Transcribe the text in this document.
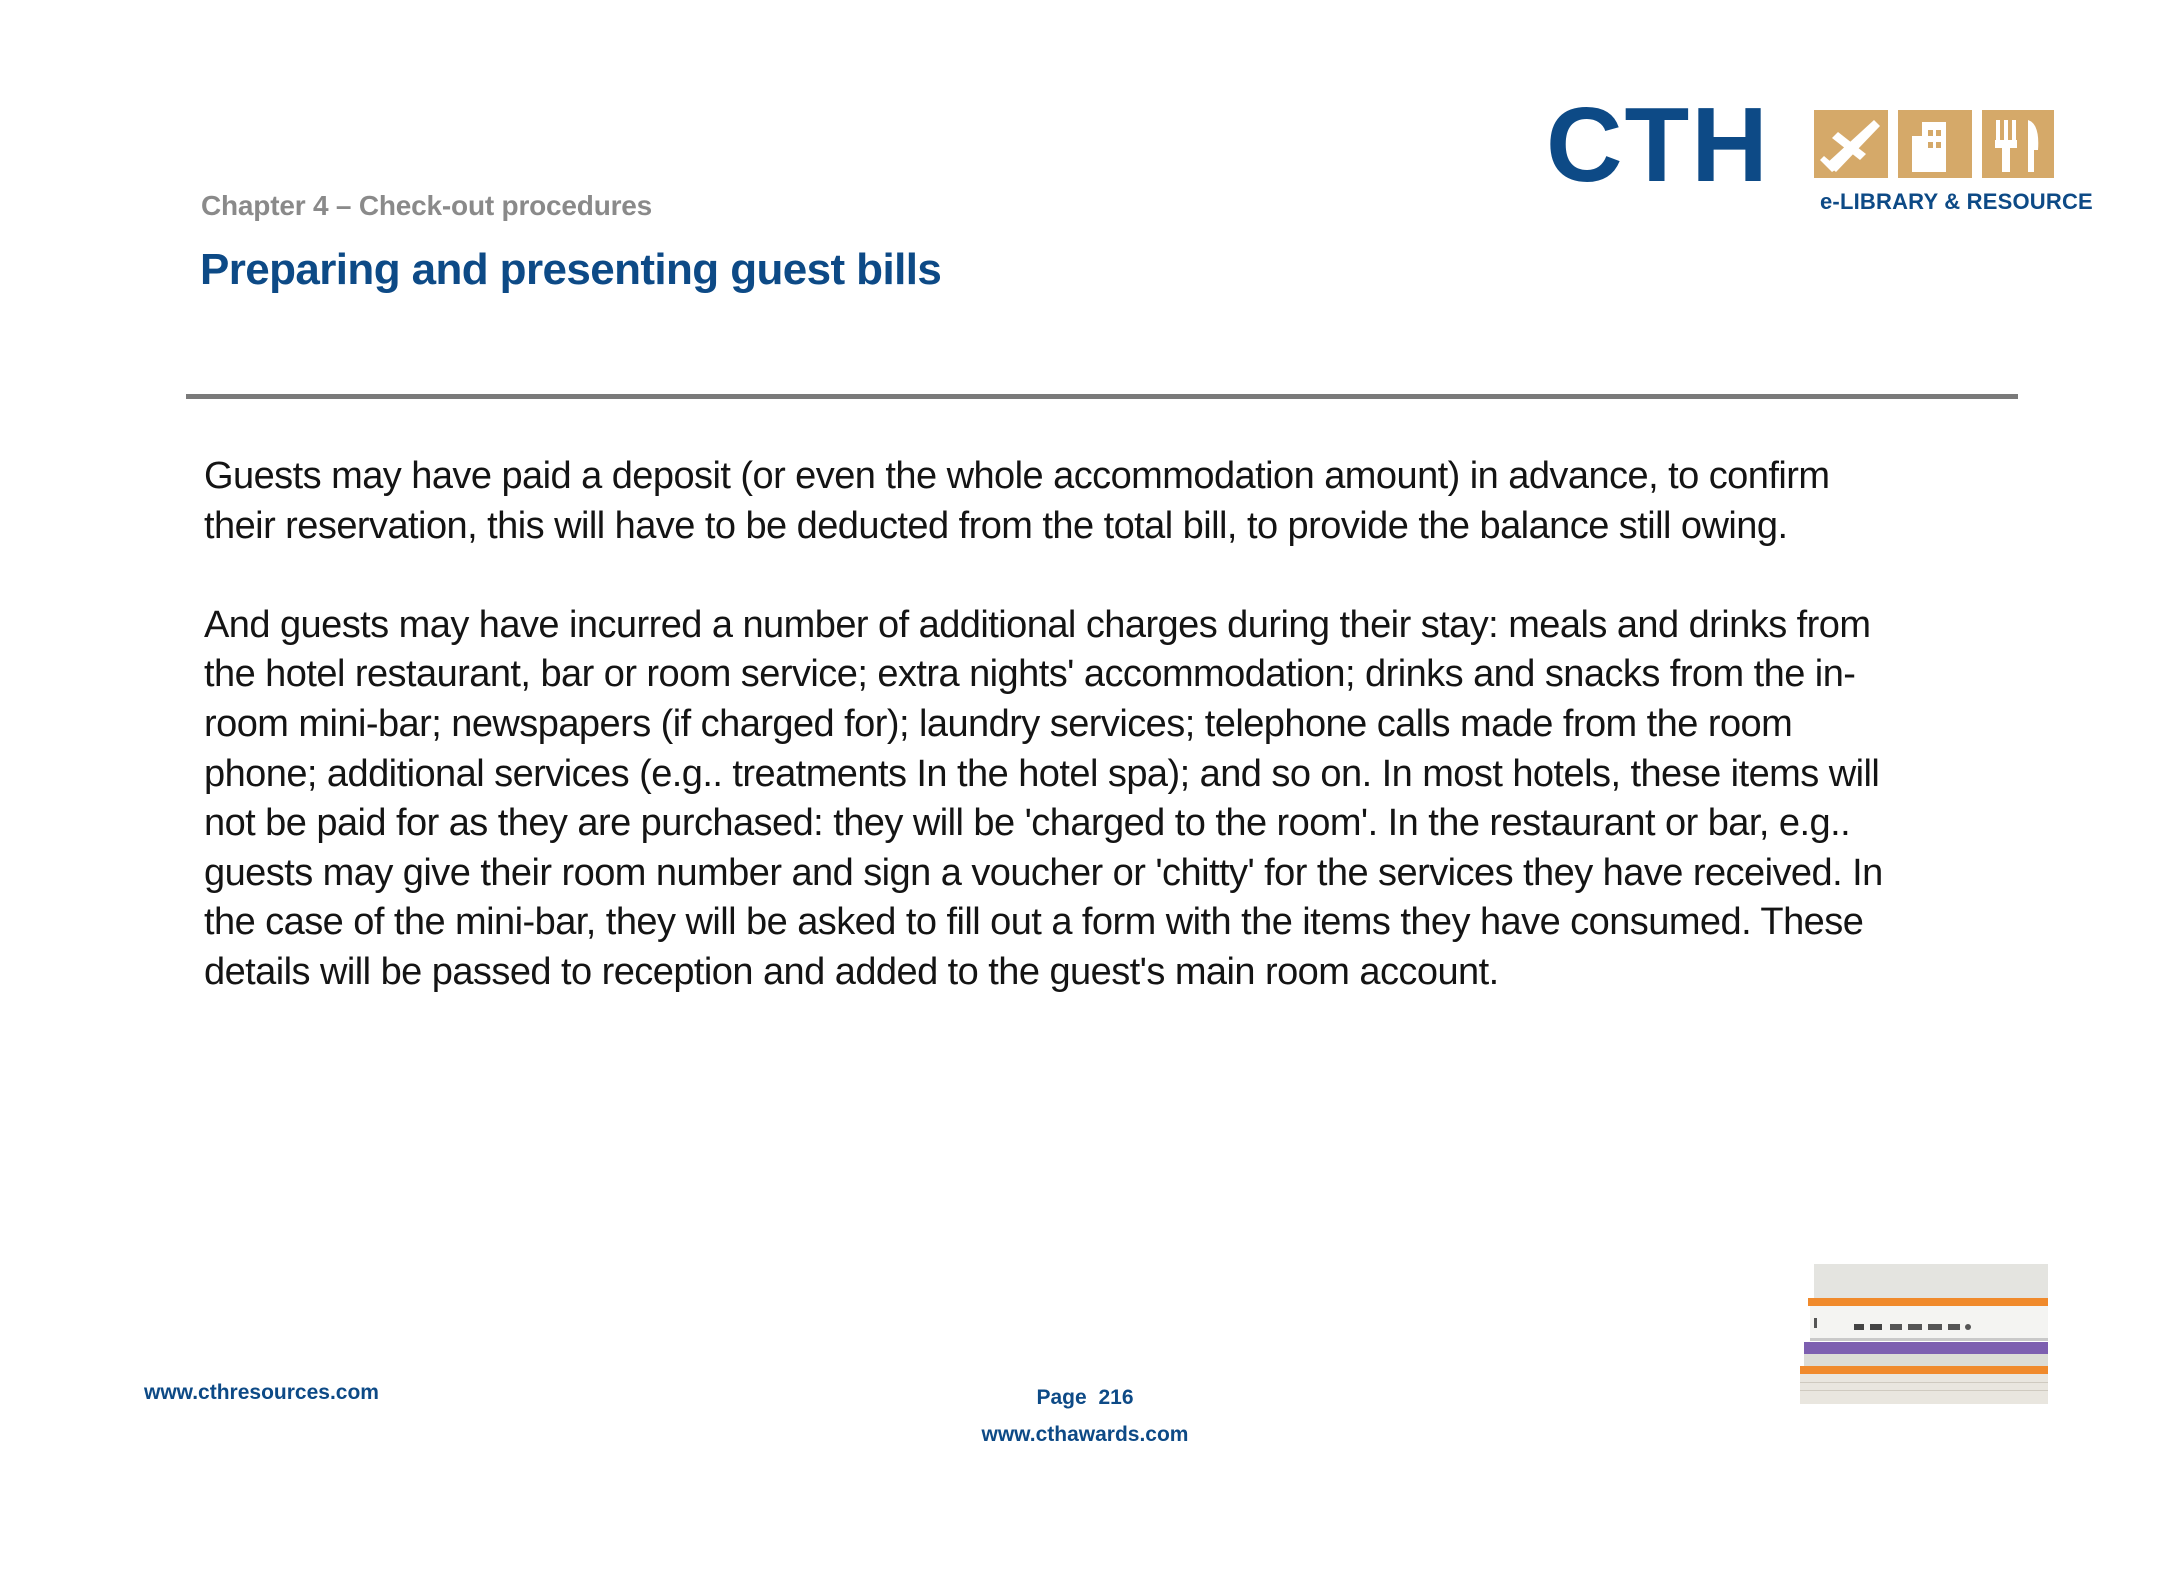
CTH e-LIBRARY & RESOURCE
Chapter 4 – Check-out procedures
Preparing and presenting guest bills

Guests may have paid a deposit (or even the whole accommodation amount) in advance, to confirm
their reservation, this will have to be deducted from the total bill, to provide the balance still owing.

And guests may have incurred a number of additional charges during their stay: meals and drinks from
the hotel restaurant, bar or room service; extra nights' accommodation; drinks and snacks from the in-
room mini-bar; newspapers (if charged for); laundry services; telephone calls made from the room
phone; additional services (e.g.. treatments In the hotel spa); and so on. In most hotels, these items will
not be paid for as they are purchased: they will be 'charged to the room'. In the restaurant or bar, e.g..
guests may give their room number and sign a voucher or 'chitty' for the services they have received. In
the case of the mini-bar, they will be asked to fill out a form with the items they have consumed. These
details will be passed to reception and added to the guest's main room account.

www.cthresources.com	Page 216
www.cthawards.com
